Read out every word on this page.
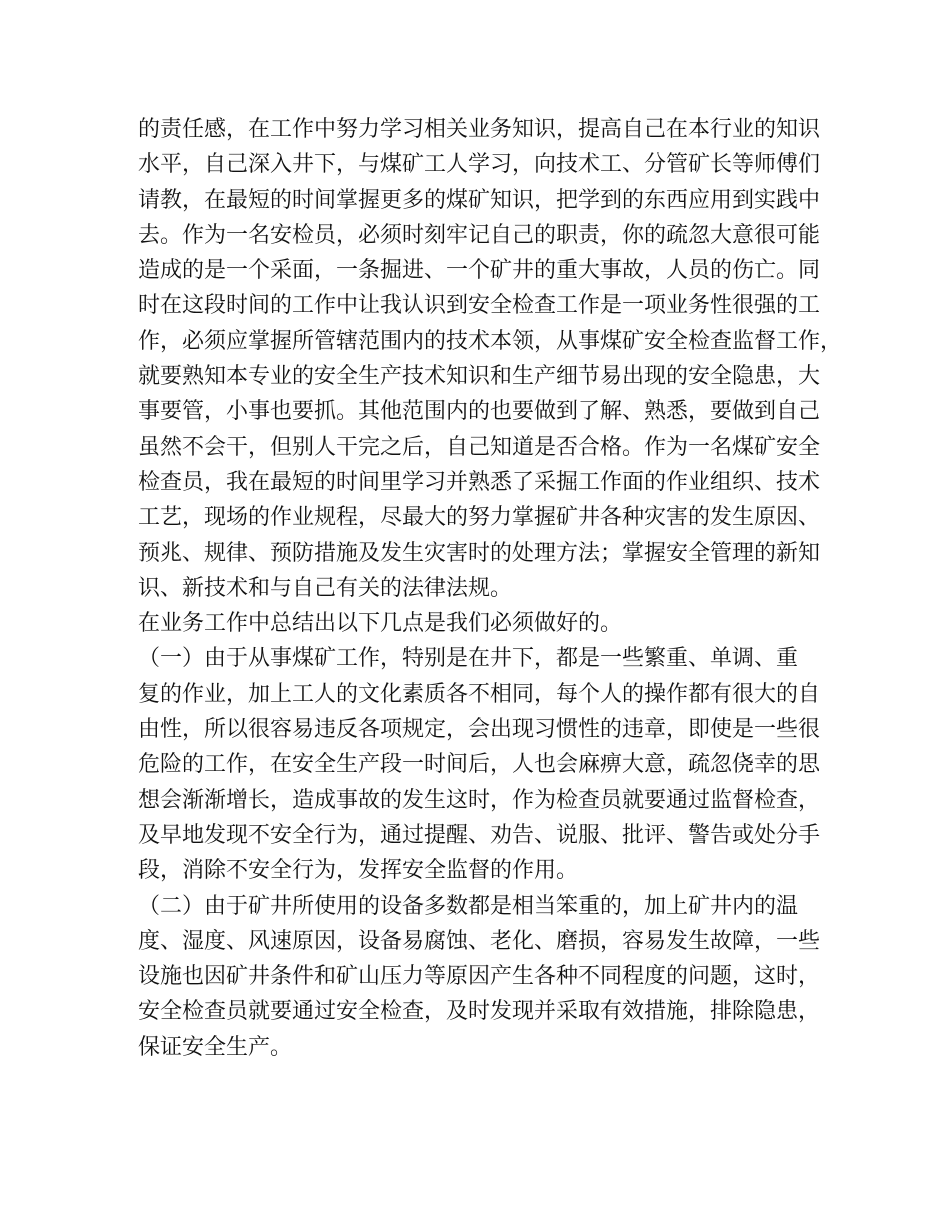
的责任感，在工作中努力学习相关业务知识，提高自己在本行业的知识
水平，自己深入井下，与煤矿工人学习，向技术工、分管矿长等师傅们
请教，在最短的时间掌握更多的煤矿知识，把学到的东西应用到实践中
去。作为一名安检员，必须时刻牢记自己的职责，你的疏忽大意很可能
造成的是一个采面，一条掘进、一个矿井的重大事故，人员的伤亡。同
时在这段时间的工作中让我认识到安全检查工作是一项业务性很强的工
作，必须应掌握所管辖范围内的技术本领，从事煤矿安全检查监督工作，
就要熟知本专业的安全生产技术知识和生产细节易出现的安全隐患，大
事要管，小事也要抓。其他范围内的也要做到了解、熟悉，要做到自己
虽然不会干，但别人干完之后，自己知道是否合格。作为一名煤矿安全
检查员，我在最短的时间里学习并熟悉了采掘工作面的作业组织、技术
工艺，现场的作业规程，尽最大的努力掌握矿井各种灾害的发生原因、
预兆、规律、预防措施及发生灾害时的处理方法；掌握安全管理的新知
识、新技术和与自己有关的法律法规。
在业务工作中总结出以下几点是我们必须做好的。
（一）由于从事煤矿工作，特别是在井下，都是一些繁重、单调、重
复的作业，加上工人的文化素质各不相同，每个人的操作都有很大的自
由性，所以很容易违反各项规定，会出现习惯性的违章，即使是一些很
危险的工作，在安全生产段一时间后，人也会麻痹大意，疏忽侥幸的思
想会渐渐增长，造成事故的发生这时，作为检查员就要通过监督检查，
及早地发现不安全行为，通过提醒、劝告、说服、批评、警告或处分手
段，消除不安全行为，发挥安全监督的作用。
（二）由于矿井所使用的设备多数都是相当笨重的，加上矿井内的温
度、湿度、风速原因，设备易腐蚀、老化、磨损，容易发生故障，一些
设施也因矿井条件和矿山压力等原因产生各种不同程度的问题，这时，
安全检查员就要通过安全检查，及时发现并采取有效措施，排除隐患，
保证安全生产。
